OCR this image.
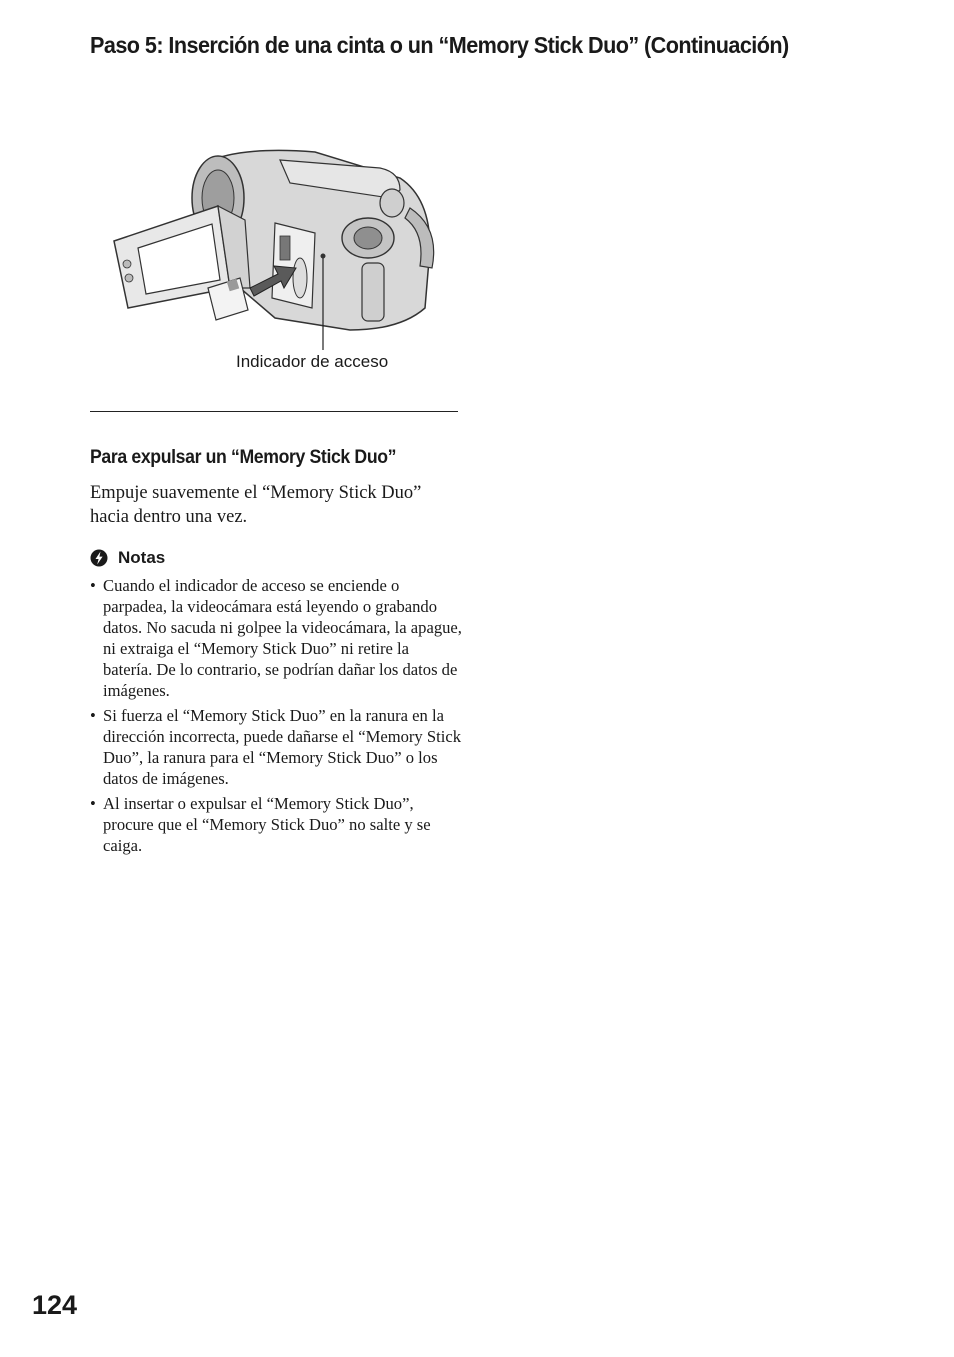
Paso 5: Inserción de una cinta o un “Memory Stick Duo” (Continuación)
Indicador de acceso
Para expulsar un “Memory Stick Duo”

Empuje suavemente el “Memory Stick Duo” hacia dentro una vez.

Notas
• Cuando el indicador de acceso se enciende o parpadea, la videocámara está leyendo o grabando datos. No sacuda ni golpee la videocámara, la apague, ni extraiga el “Memory Stick Duo” ni retire la batería. De lo contrario, se podrían dañar los datos de imágenes.
• Si fuerza el “Memory Stick Duo” en la ranura en la dirección incorrecta, puede dañarse el “Memory Stick Duo”, la ranura para el “Memory Stick Duo” o los datos de imágenes.
• Al insertar o expulsar el “Memory Stick Duo”, procure que el “Memory Stick Duo” no salte y se caiga.
124
